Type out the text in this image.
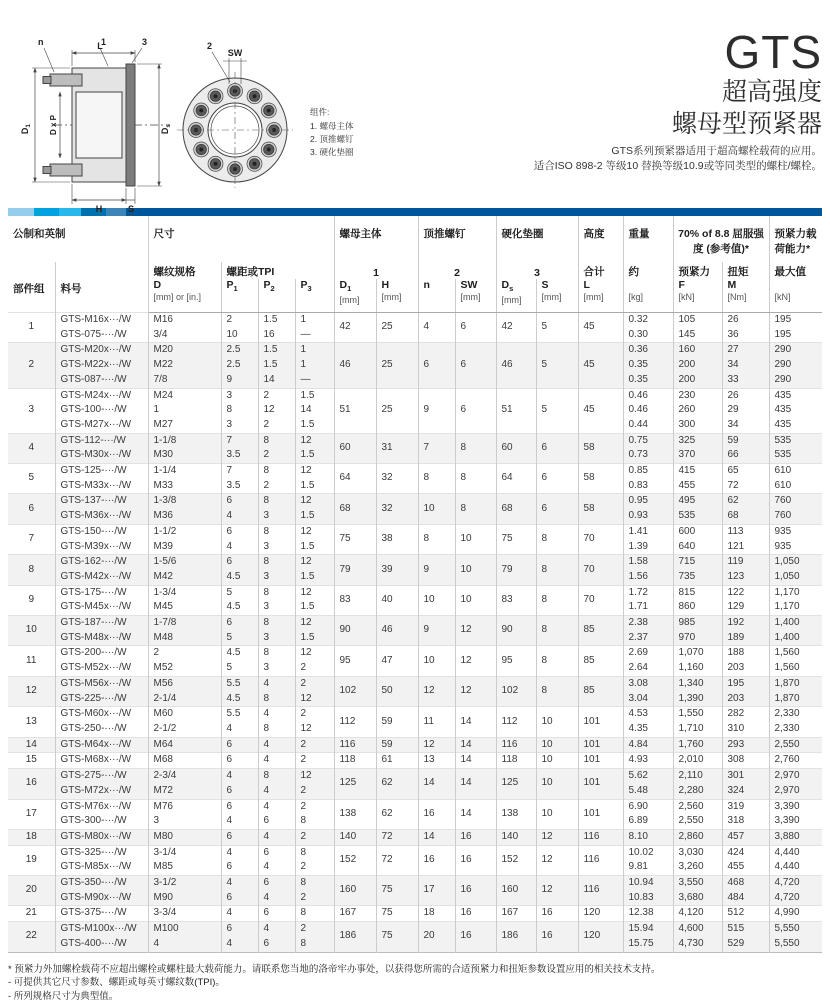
n	L
1	3
$D_1$ D x P	$D_s$
H	S
2
SW
组件:
1. 螺母主体
2. 顶推螺钉
3. 硬化垫圈
GTS
超高强度
螺母型预紧器
GTS系列预紧器适用于超高螺栓载荷的应用。
适合ISO 898-2 等级10 替换等级10.9或等同类型的螺柱/螺栓。
公制和英制		尺寸				螺母主体		顶推螺钉		硬化垫圈		高度	重量	70% of 8.8 屈服强度 (参考值)*		预紧力载荷能力*
部件组	料号	螺纹规格	螺距或TPI			1		2		3		合计	约	预紧力	扭矩	最大值

D
[mm] or [in.]

$P_1$	$P_2$	$P_3$	$D_1$
[mm]

H
[mm]

n	SW
[mm]

$D_s$
[mm]

S
[mm]

L
[mm]	[kg]

F
[kN]

M
[Nm]	[kN]

1	GTS-M16x···/W	M16	2	1.5	1	42	25	4	6	42	5	45	0.32	105	26	195
	GTS-075-···/W	3/4	10	16	—								0.30	145	36	195
2	GTS-M20x···/W	M20	2.5	1.5	1	46	25	6	6	46	5	45	0.36	160	27	290
	GTS-M22x···/W	M22	2.5	1.5	1								0.35	200	34	290
	GTS-087-···/W	7/8	9	14	—								0.35	200	33	290
3	GTS-M24x···/W	M24	3	2	1.5	51	25	9	6	51	5	45	0.46	230	26	435
	GTS-100-···/W	1	8	12	14								0.46	260	29	435
	GTS-M27x···/W	M27	3	2	1.5								0.44	300	34	435
4	GTS-112-···/W	1-1/8	7	8	12	60	31	7	8	60	6	58	0.75	325	59	535
	GTS-M30x···/W	M30	3.5	2	1.5								0.73	370	66	535
5	GTS-125-···/W	1-1/4	7	8	12	64	32	8	8	64	6	58	0.85	415	65	610
	GTS-M33x···/W	M33	3.5	2	1.5								0.83	455	72	610
6	GTS-137-···/W	1-3/8	6	8	12	68	32	10	8	68	6	58	0.95	495	62	760
	GTS-M36x···/W	M36	4	3	1.5								0.93	535	68	760
7	GTS-150-···/W	1-1/2	6	8	12	75	38	8	10	75	8	70	1.41	600	113	935
	GTS-M39x···/W	M39	4	3	1.5								1.39	640	121	935
8	GTS-162-···/W	1-5/6	6	8	12	79	39	9	10	79	8	70	1.58	715	119	1,050
	GTS-M42x···/W	M42	4.5	3	1.5								1.56	735	123	1,050
9	GTS-175-···/W	1-3/4	5	8	12	83	40	10	10	83	8	70	1.72	815	122	1,170
	GTS-M45x···/W	M45	4.5	3	1.5								1.71	860	129	1,170
10	GTS-187-···/W	1-7/8	6	8	12	90	46	9	12	90	8	85	2.38	985	192	1,400
	GTS-M48x···/W	M48	5	3	1.5								2.37	970	189	1,400
11	GTS-200-···/W	2	4.5	8	12	95	47	10	12	95	8	85	2.69	1,070	188	1,560
	GTS-M52x···/W	M52	5	3	2								2.64	1,160	203	1,560
12	GTS-M56x···/W	M56	5.5	4	2	102	50	12	12	102	8	85	3.08	1,340	195	1,870
	GTS-225-···/W	2-1/4	4.5	8	12								3.04	1,390	203	1,870
13	GTS-M60x···/W	M60	5.5	4	2	112	59	11	14	112	10	101	4.53	1,550	282	2,330
	GTS-250-···/W	2-1/2	4	8	12								4.35	1,710	310	2,330
14	GTS-M64x···/W	M64	6	4	2	116	59	12	14	116	10	101	4.84	1,760	293	2,550
15	GTS-M68x···/W	M68	6	4	2	118	61	13	14	118	10	101	4.93	2,010	308	2,760
16	GTS-275-···/W	2-3/4	4	8	12	125	62	14	14	125	10	101	5.62	2,110	301	2,970
	GTS-M72x···/W	M72	6	4	2								5.48	2,280	324	2,970
17	GTS-M76x···/W	M76	6	4	2	138	62	16	14	138	10	101	6.90	2,560	319	3,390
	GTS-300-···/W	3	4	6	8								6.89	2,550	318	3,390
18	GTS-M80x···/W	M80	6	4	2	140	72	14	16	140	12	116	8.10	2,860	457	3,880
19	GTS-325-···/W	3-1/4	4	6	8	152	72	16	16	152	12	116	10.02	3,030	424	4,440
	GTS-M85x···/W	M85	6	4	2								9.81	3,260	455	4,440
20	GTS-350-···/W	3-1/2	4	6	8	160	75	17	16	160	12	116	10.94	3,550	468	4,720
	GTS-M90x···/W	M90	6	4	2								10.83	3,680	484	4,720
21	GTS-375-···/W	3-3/4	4	6	8	167	75	18	16	167	16	120	12.38	4,120	512	4,990
22	GTS-M100x···/W	M100	6	4	2	186	75	20	16	186	16	120	15.94	4,600	515	5,550
	GTS-400-···/W	4	4	6	8								15.75	4,730	529	5,550
* 预紧力外加螺栓载荷不应超出螺栓或螺柱最大载荷能力。请联系您当地的洛帝牢办事处，以获得您所需的合适预紧力和扭矩参数设置应用的相关技术支持。
- 可提供其它尺寸参数、螺距或每英寸螺纹数(TPI)。
- 所列规格尺寸为典型值。
